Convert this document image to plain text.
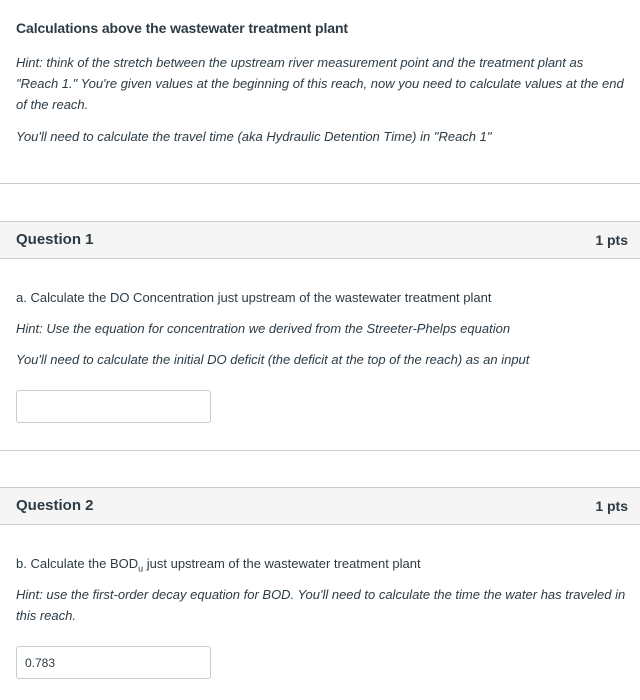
Calculations above the wastewater treatment plant

Hint: think of the stretch between the upstream river measurement point and the treatment plant as "Reach 1." You're given values at the beginning of this reach, now you need to calculate values at the end of the reach.

You'll need to calculate the travel time (aka Hydraulic Detention Time) in "Reach 1"

Question 1	1 pts
a. Calculate the DO Concentration just upstream of the wastewater treatment plant
Hint: Use the equation for concentration we derived from the Streeter-Phelps equation
You'll need to calculate the initial DO deficit (the deficit at the top of the reach) as an input
Question 2	1 pts
b. Calculate the $BOD_u$ just upstream of the wastewater treatment plant
Hint: use the first-order decay equation for BOD. You'll need to calculate the time the water has traveled in this reach.
0.783
